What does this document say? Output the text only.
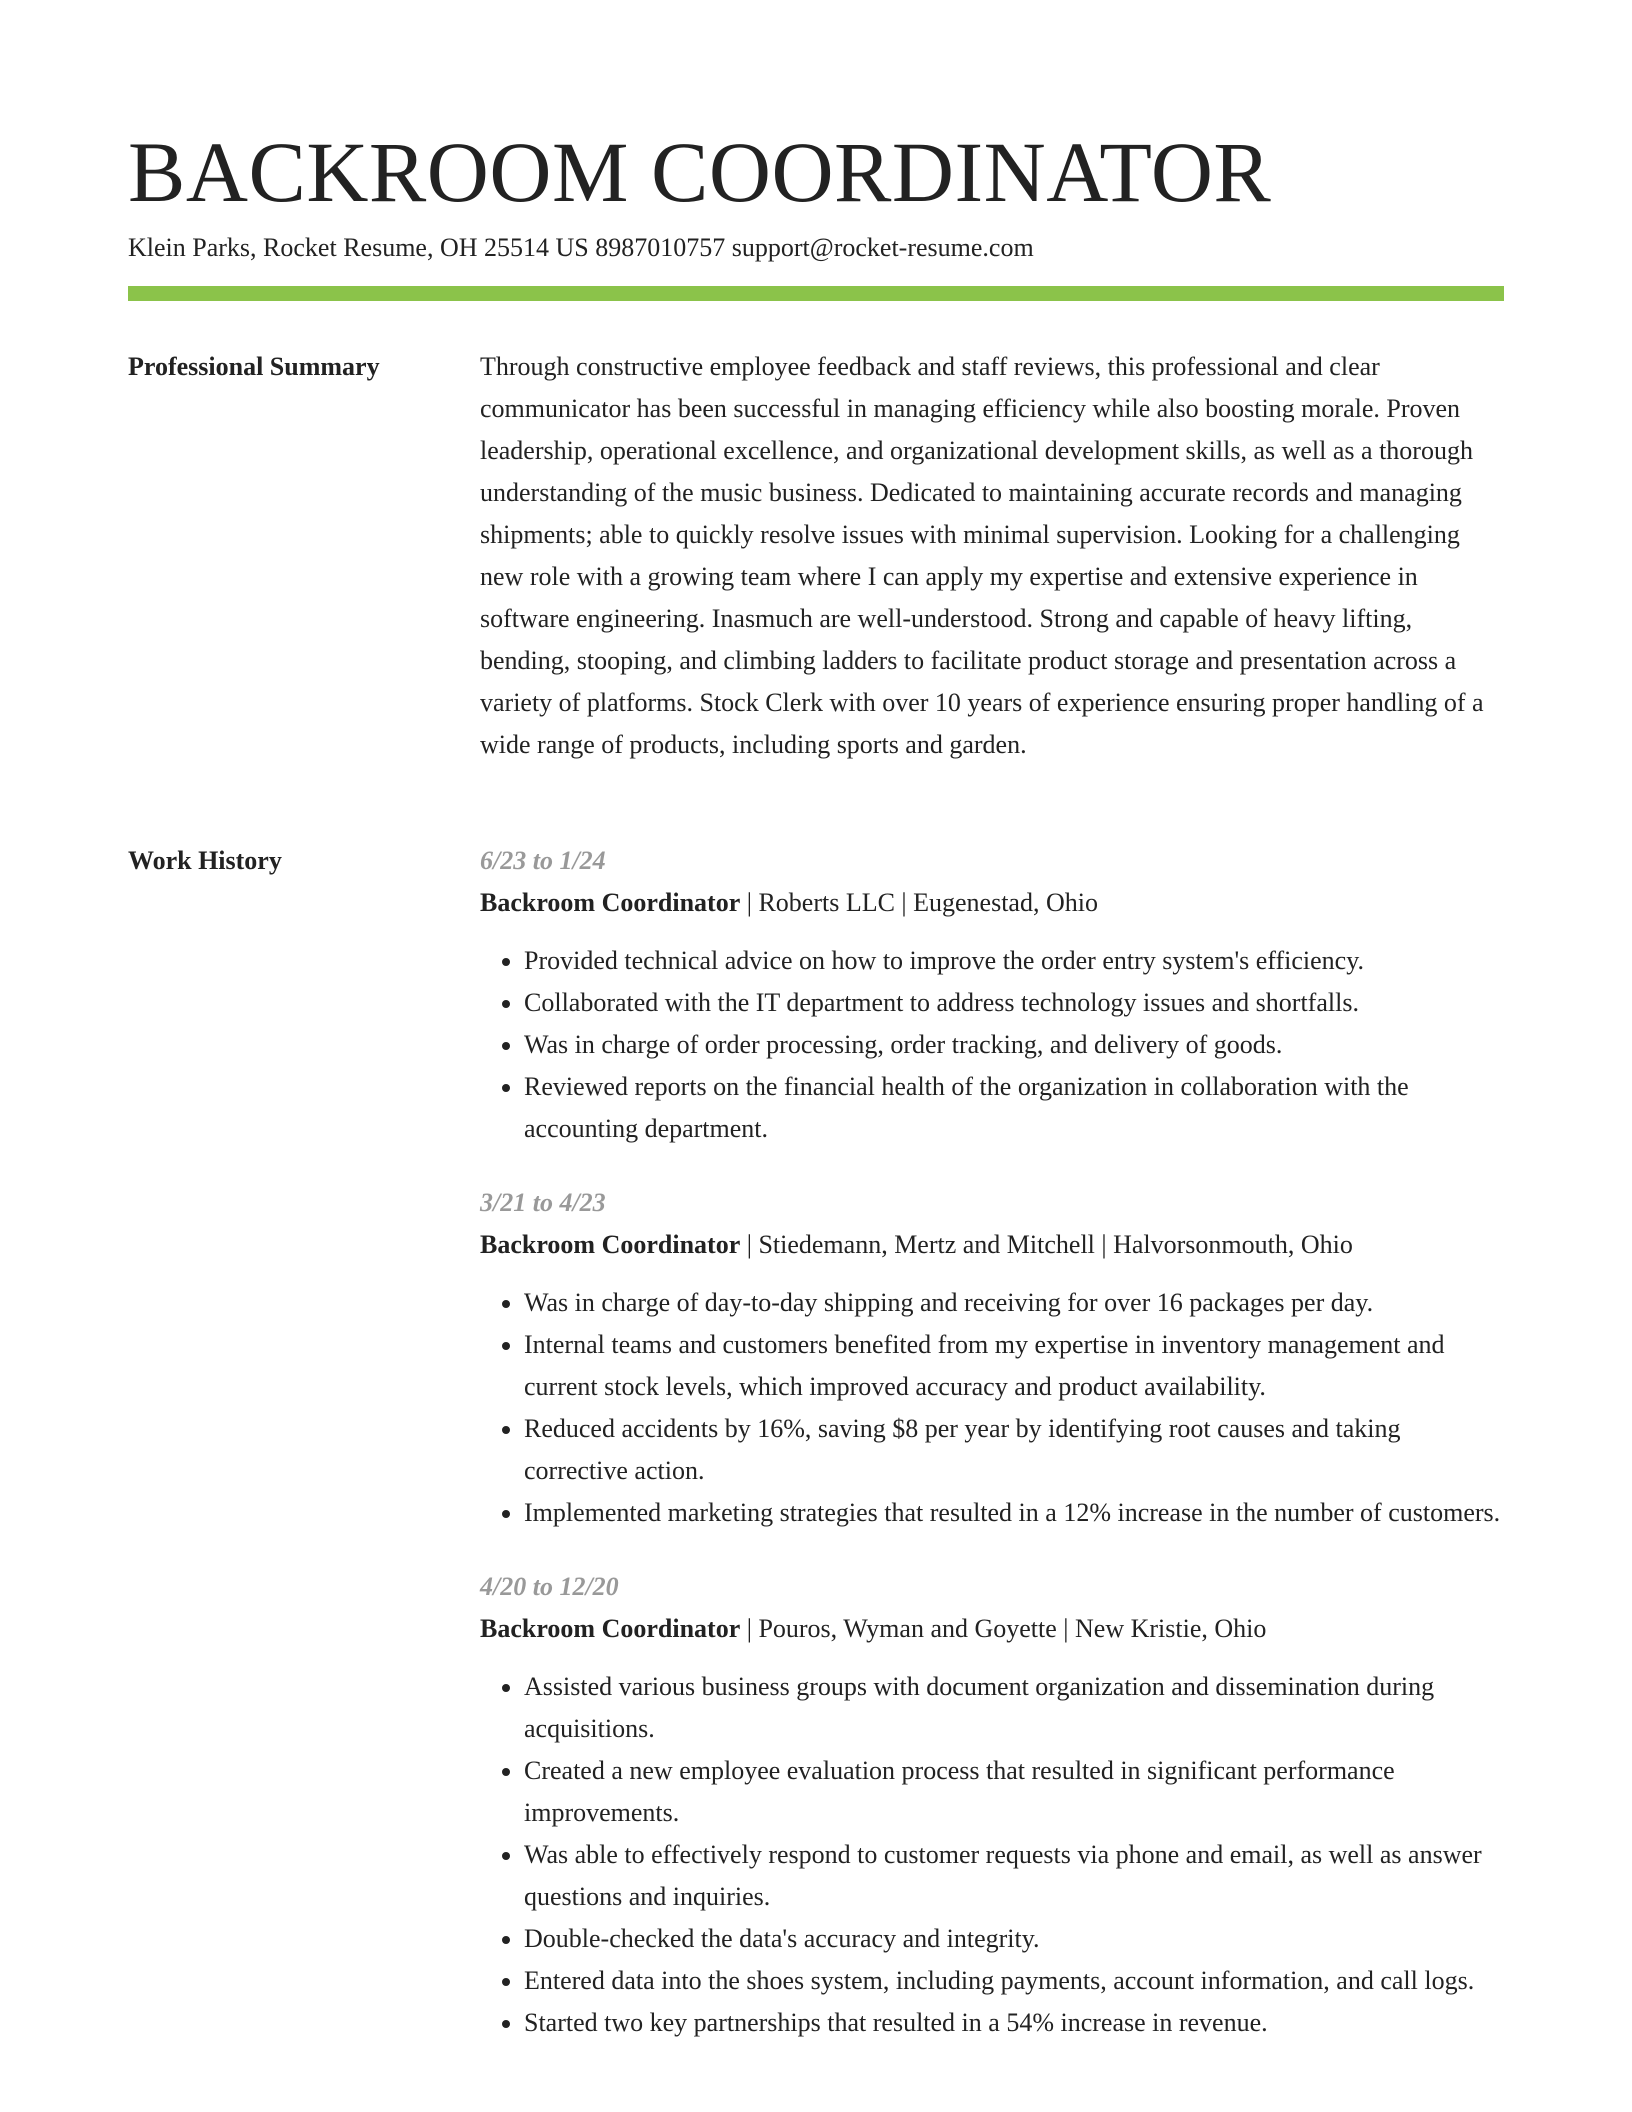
BACKROOM COORDINATOR
Klein Parks, Rocket Resume, OH 25514 US 8987010757 support@rocket-resume.com
Professional Summary	Through constructive employee feedback and staff reviews, this professional and clear communicator has been successful in managing efficiency while also boosting morale. Proven leadership, operational excellence, and organizational development skills, as well as a thorough understanding of the music business. Dedicated to maintaining accurate records and managing shipments; able to quickly resolve issues with minimal supervision. Looking for a challenging new role with a growing team where I can apply my expertise and extensive experience in software engineering. Inasmuch are well-understood. Strong and capable of heavy lifting, bending, stooping, and climbing ladders to facilitate product storage and presentation across a variety of platforms. Stock Clerk with over 10 years of experience ensuring proper handling of a wide range of products, including sports and garden.

Work History	6/23 to 1/24
Backroom Coordinator | Roberts LLC | Eugenestad, Ohio
• Provided technical advice on how to improve the order entry system's efficiency.
• Collaborated with the IT department to address technology issues and shortfalls.
• Was in charge of order processing, order tracking, and delivery of goods.
• Reviewed reports on the financial health of the organization in collaboration with the accounting department.
3/21 to 4/23
Backroom Coordinator | Stiedemann, Mertz and Mitchell | Halvorsonmouth, Ohio
• Was in charge of day-to-day shipping and receiving for over 16 packages per day.
• Internal teams and customers benefited from my expertise in inventory management and current stock levels, which improved accuracy and product availability.
• Reduced accidents by 16%, saving $8 per year by identifying root causes and taking corrective action.
• Implemented marketing strategies that resulted in a 12% increase in the number of customers.
4/20 to 12/20
Backroom Coordinator | Pouros, Wyman and Goyette | New Kristie, Ohio
• Assisted various business groups with document organization and dissemination during acquisitions.
• Created a new employee evaluation process that resulted in significant performance improvements.
• Was able to effectively respond to customer requests via phone and email, as well as answer questions and inquiries.
• Double-checked the data's accuracy and integrity.
• Entered data into the shoes system, including payments, account information, and call logs.
• Started two key partnerships that resulted in a 54% increase in revenue.
